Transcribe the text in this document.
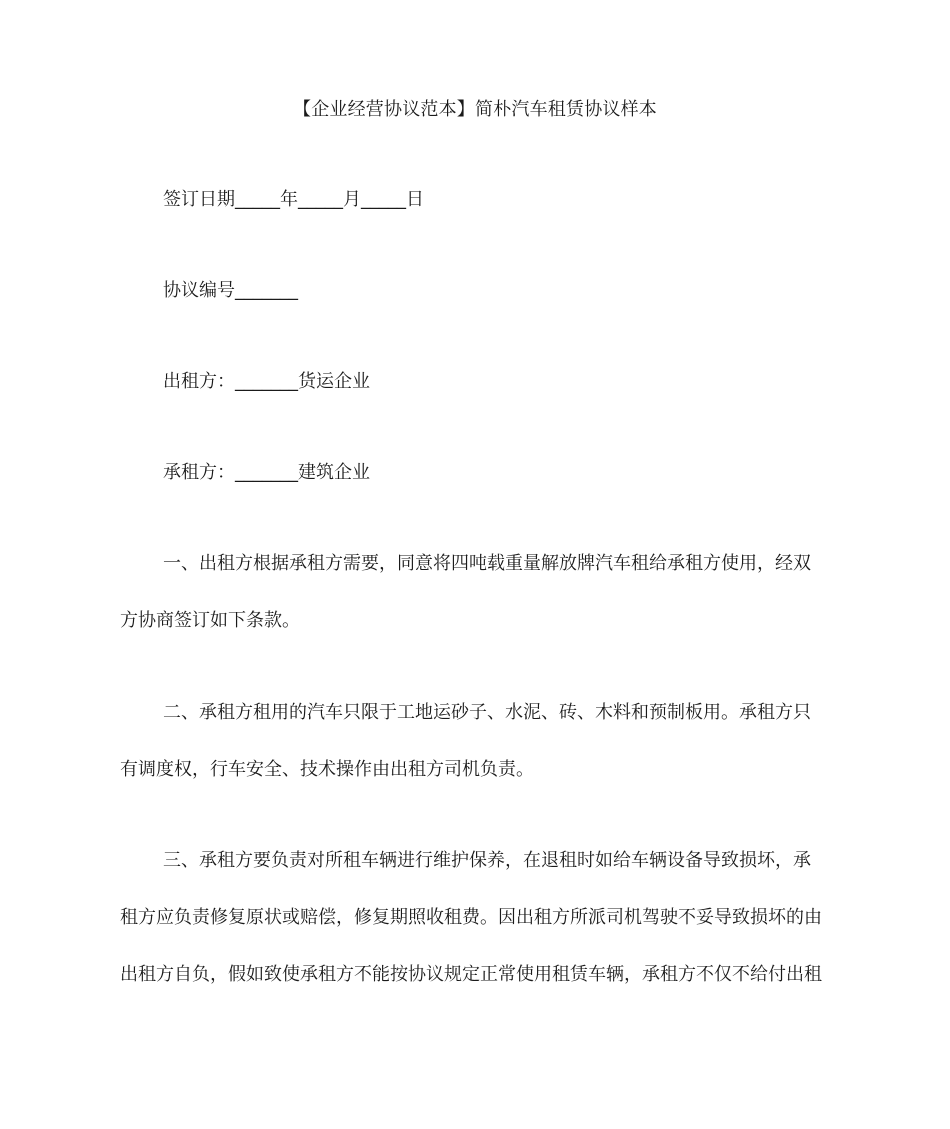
【企业经营协议范本】简朴汽车租赁协议样本
签订日期_____年_____月_____日
协议编号_______
出租方：_______货运企业
承租方：_______建筑企业
一、出租方根据承租方需要，同意将四吨载重量解放牌汽车租给承租方使用，经双
方协商签订如下条款。
二、承租方租用的汽车只限于工地运砂子、水泥、砖、木料和预制板用。承租方只
有调度权，行车安全、技术操作由出租方司机负责。
三、承租方要负责对所租车辆进行维护保养，在退租时如给车辆设备导致损坏，承
租方应负责修复原状或赔偿，修复期照收租费。因出租方所派司机驾驶不妥导致损坏的由
出租方自负，假如致使承租方不能按协议规定正常使用租赁车辆，承租方不仅不给付出租
